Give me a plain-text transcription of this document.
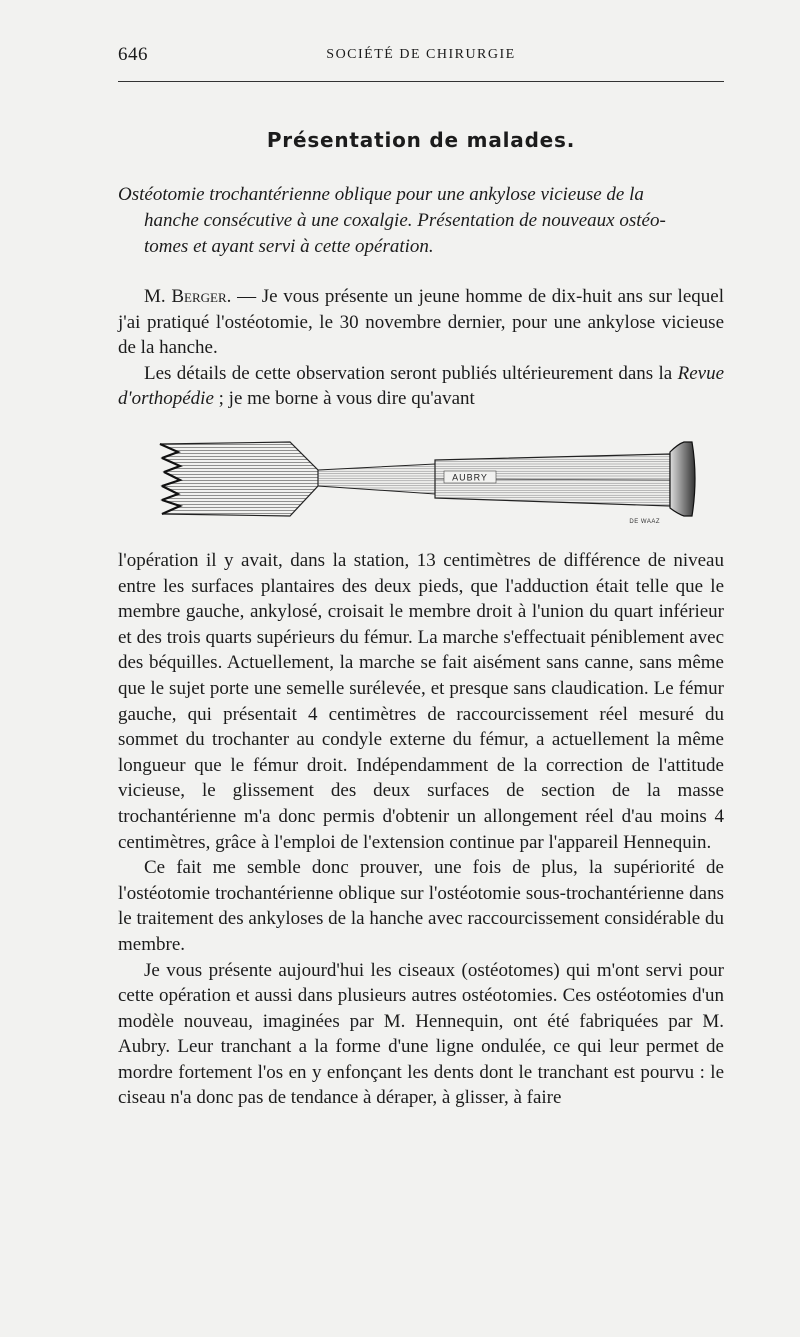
646	SOCIÉTÉ DE CHIRURGIE
Présentation de malades.

Ostéotomie trochantérienne oblique pour une ankylose vicieuse de la

hanche consécutive à une coxalgie. Présentation de nouveaux ostéo-

tomes et ayant servi à cette opération.

M. Berger. — Je vous présente un jeune homme de dix-huit ans sur lequel j'ai pratiqué l'ostéotomie, le 30 novembre dernier, pour une ankylose vicieuse de la hanche.

Les détails de cette observation seront publiés ultérieurement dans la Revue d'orthopédie ; je me borne à vous dire qu'avant

AUBRY
DE WAAZ

l'opération il y avait, dans la station, 13 centimètres de différence de niveau entre les surfaces plantaires des deux pieds, que l'adduction était telle que le membre gauche, ankylosé, croisait le membre droit à l'union du quart inférieur et des trois quarts supérieurs du fémur. La marche s'effectuait péniblement avec des béquilles. Actuellement, la marche se fait aisément sans canne, sans même que le sujet porte une semelle surélevée, et presque sans claudication. Le fémur gauche, qui présentait 4 centimètres de raccourcissement réel mesuré du sommet du trochanter au condyle externe du fémur, a actuellement la même longueur que le fémur droit. Indépendamment de la correction de l'attitude vicieuse, le glissement des deux surfaces de section de la masse trochantérienne m'a donc permis d'obtenir un allongement réel d'au moins 4 centimètres, grâce à l'emploi de l'extension continue par l'appareil Hennequin.

Ce fait me semble donc prouver, une fois de plus, la supériorité de l'ostéotomie trochantérienne oblique sur l'ostéotomie sous-trochantérienne dans le traitement des ankyloses de la hanche avec raccourcissement considérable du membre.

Je vous présente aujourd'hui les ciseaux (ostéotomes) qui m'ont servi pour cette opération et aussi dans plusieurs autres ostéotomies. Ces ostéotomies d'un modèle nouveau, imaginées par M. Hennequin, ont été fabriquées par M. Aubry. Leur tranchant a la forme d'une ligne ondulée, ce qui leur permet de mordre fortement l'os en y enfonçant les dents dont le tranchant est pourvu : le ciseau n'a donc pas de tendance à déraper, à glisser, à faire
